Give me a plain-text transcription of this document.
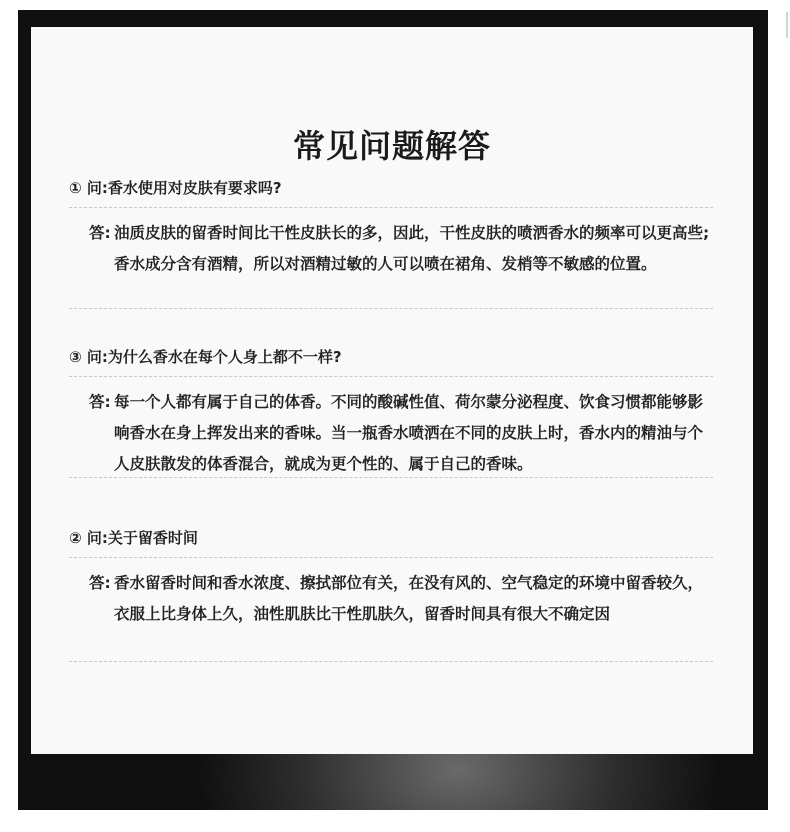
常见问题解答
① 问:香水使用对皮肤有要求吗?
答: 油质皮肤的留香时间比干性皮肤长的多，因此，干性皮肤的喷洒香水的频率可以更高些;香水成分含有酒精，所以对酒精过敏的人可以喷在裙角、发梢等不敏感的位置。
③ 问:为什么香水在每个人身上都不一样?
答: 每一个人都有属于自己的体香。不同的酸碱性值、荷尔蒙分泌程度、饮食习惯都能够影响香水在身上挥发出来的香味。当一瓶香水喷洒在不同的皮肤上时，香水内的精油与个人皮肤散发的体香混合，就成为更个性的、属于自己的香味。
② 问:关于留香时间
答: 香水留香时间和香水浓度、擦拭部位有关，在没有风的、空气稳定的环境中留香较久，衣服上比身体上久，油性肌肤比干性肌肤久，留香时间具有很大不确定因
